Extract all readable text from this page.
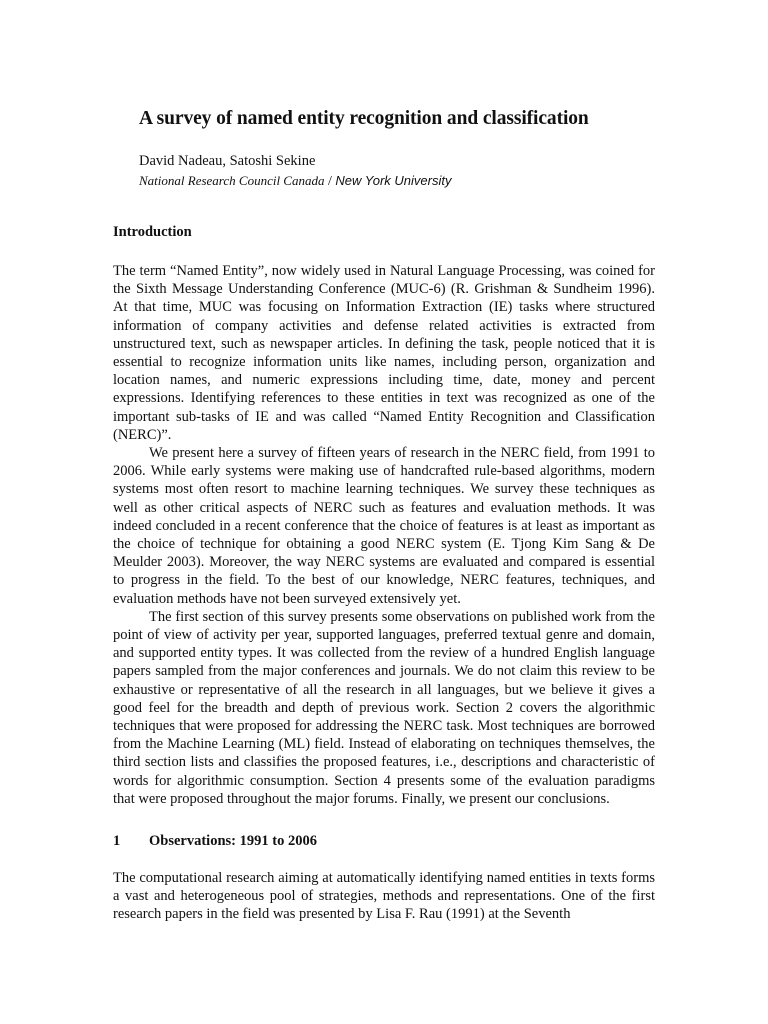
A survey of named entity recognition and classification
David Nadeau, Satoshi Sekine
National Research Council Canada / New York University
Introduction

The term “Named Entity”, now widely used in Natural Language Processing, was coined for the Sixth Message Understanding Conference (MUC-6) (R. Grishman & Sundheim 1996). At that time, MUC was focusing on Information Extraction (IE) tasks where structured information of company activities and defense related activities is extracted from unstructured text, such as newspaper articles. In defining the task, people noticed that it is essential to recognize information units like names, including person, organization and location names, and numeric expressions including time, date, money and percent expressions. Identifying references to these entities in text was recognized as one of the important sub-tasks of IE and was called “Named Entity Recognition and Classification (NERC)”.

We present here a survey of fifteen years of research in the NERC field, from 1991 to 2006. While early systems were making use of handcrafted rule-based algorithms, modern systems most often resort to machine learning techniques. We survey these techniques as well as other critical aspects of NERC such as features and evaluation methods. It was indeed concluded in a recent conference that the choice of features is at least as important as the choice of technique for obtaining a good NERC system (E. Tjong Kim Sang & De Meulder 2003). Moreover, the way NERC systems are evaluated and compared is essential to progress in the field. To the best of our knowledge, NERC features, techniques, and evaluation methods have not been surveyed extensively yet.

The first section of this survey presents some observations on published work from the point of view of activity per year, supported languages, preferred textual genre and domain, and supported entity types. It was collected from the review of a hundred English language papers sampled from the major conferences and journals. We do not claim this review to be exhaustive or representative of all the research in all languages, but we believe it gives a good feel for the breadth and depth of previous work. Section 2 covers the algorithmic techniques that were proposed for addressing the NERC task. Most techniques are borrowed from the Machine Learning (ML) field. Instead of elaborating on techniques themselves, the third section lists and classifies the proposed features, i.e., descriptions and characteristic of words for algorithmic consumption. Section 4 presents some of the evaluation paradigms that were proposed throughout the major forums. Finally, we present our conclusions.

1 Observations: 1991 to 2006

The computational research aiming at automatically identifying named entities in texts forms a vast and heterogeneous pool of strategies, methods and representations. One of the first research papers in the field was presented by Lisa F. Rau (1991) at the Seventh
